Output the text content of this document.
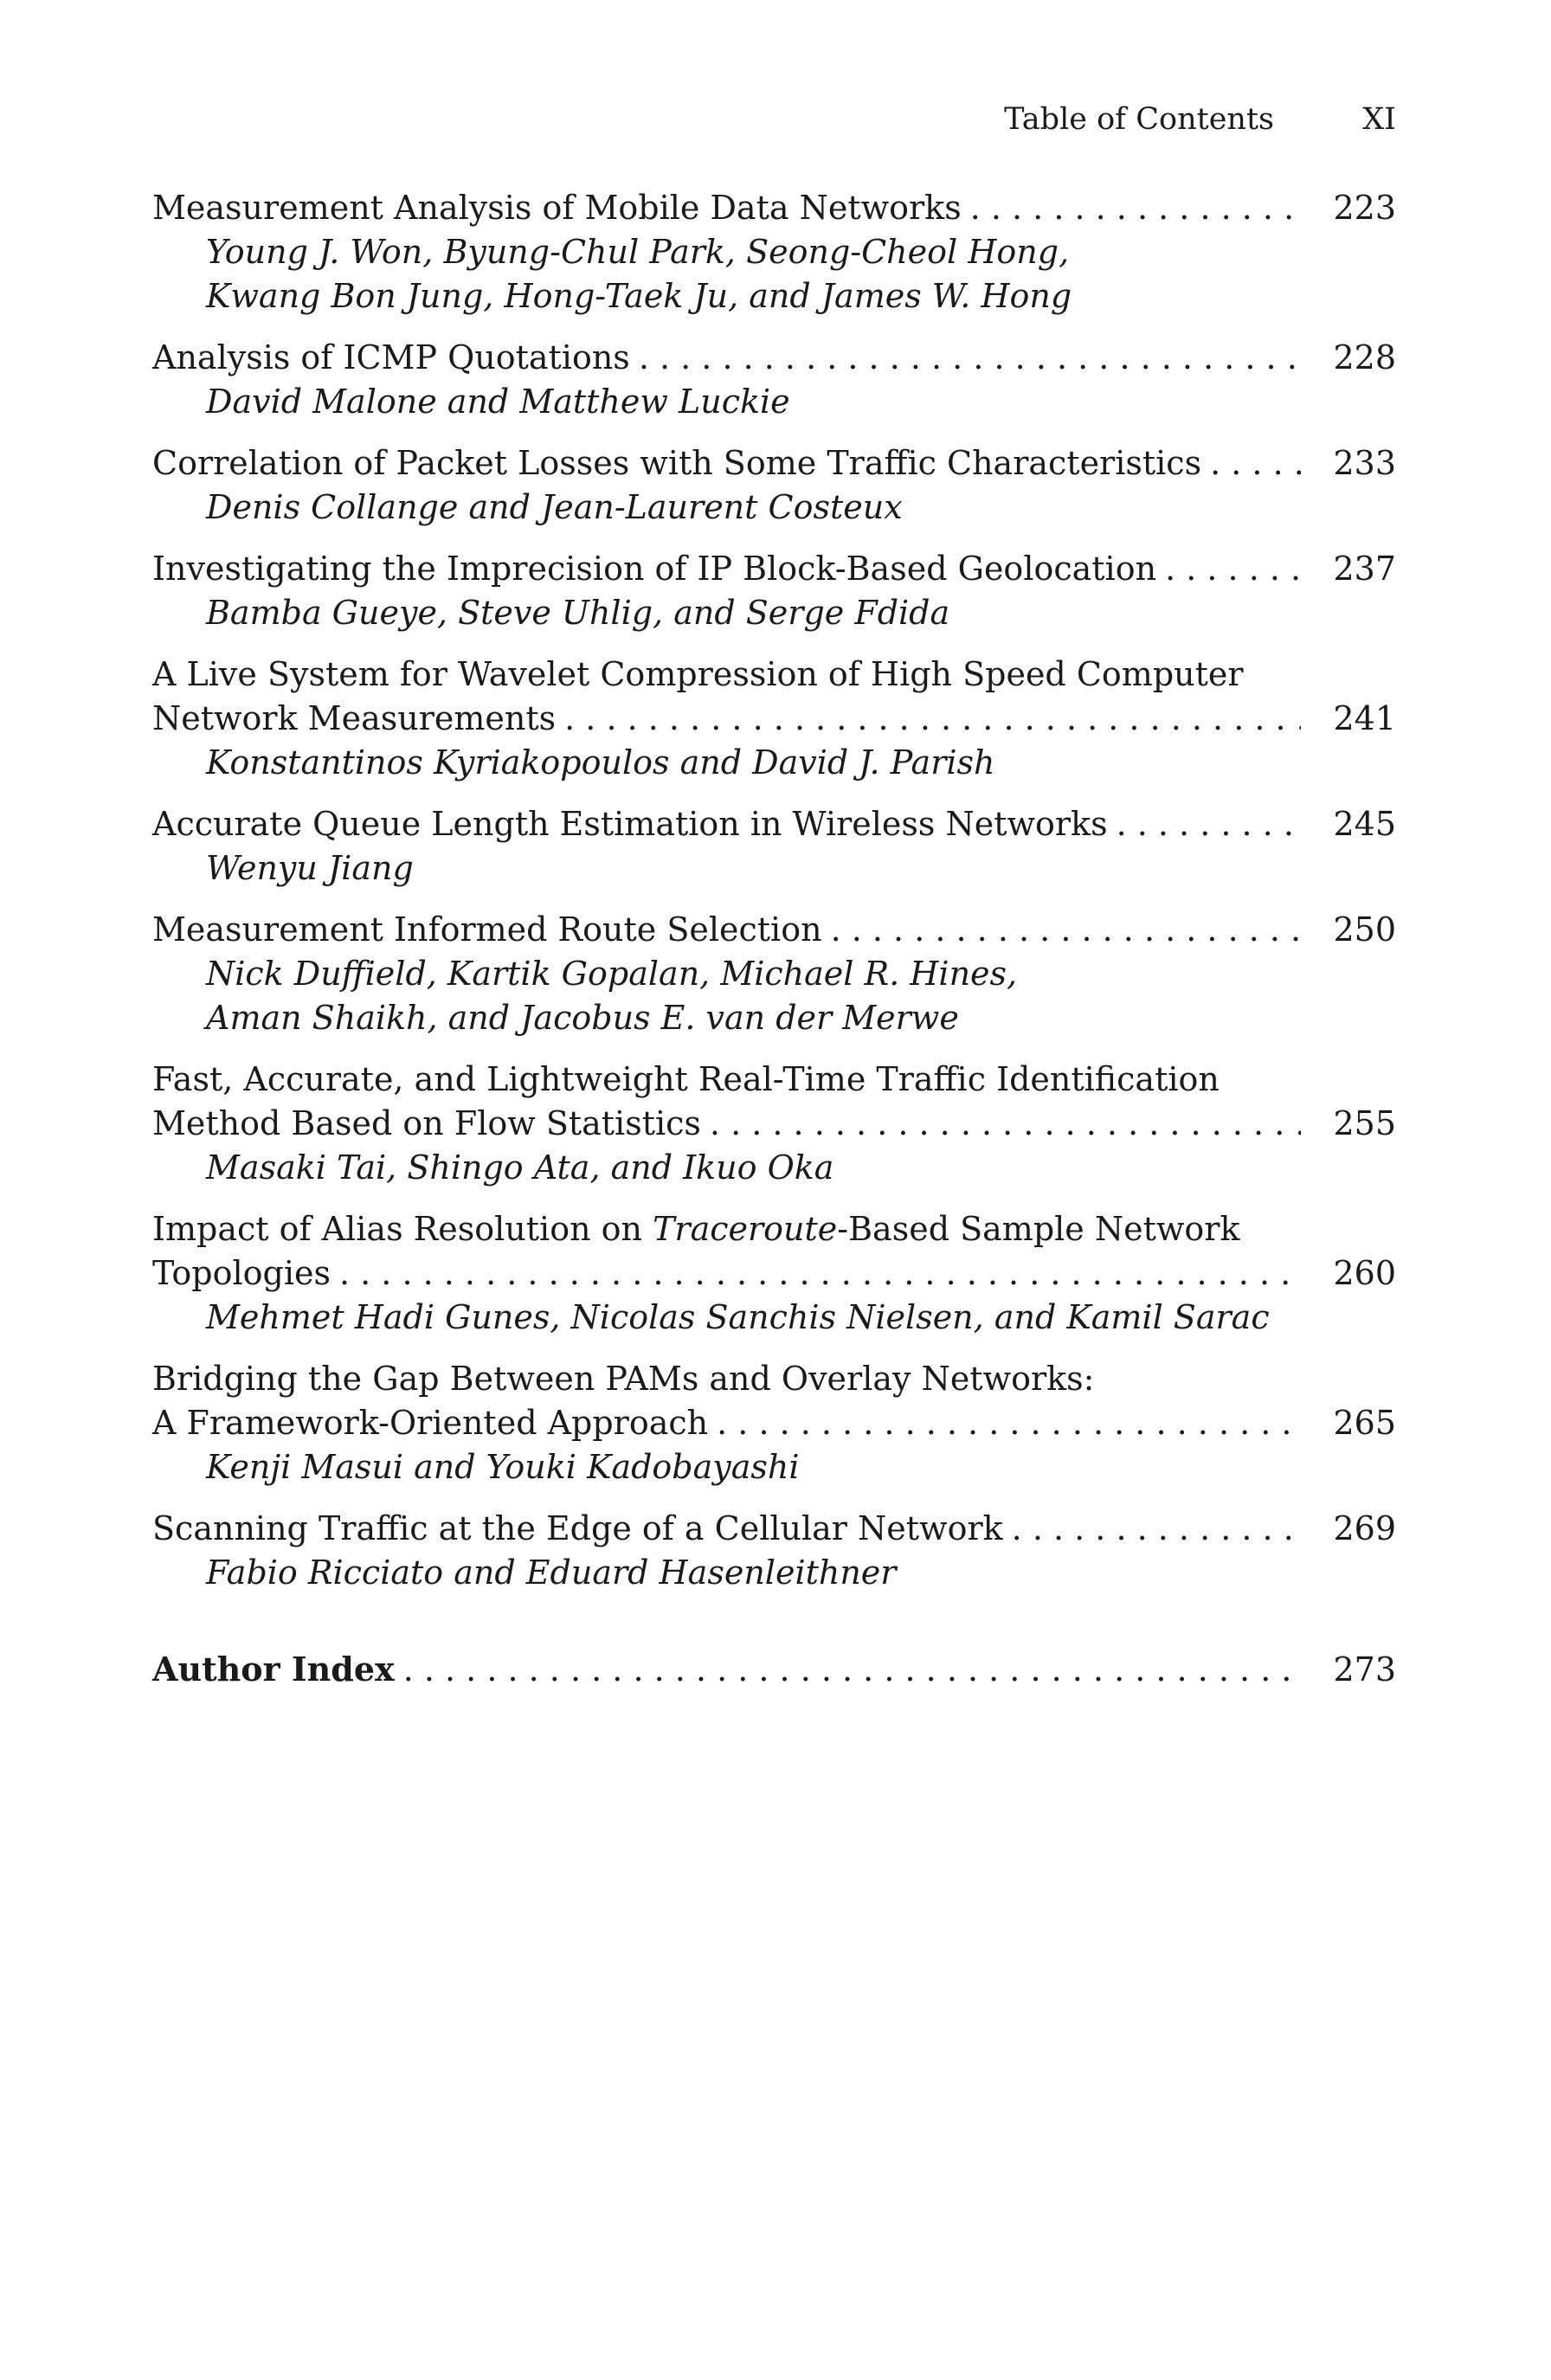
Table of Contents	XI
Measurement Analysis of Mobile Data Networks . . .	223
Young J. Won, Byung-Chul Park, Seong-Cheol Hong,
Kwang Bon Jung, Hong-Taek Ju, and James W. Hong
Analysis of ICMP Quotations . . .	228
David Malone and Matthew Luckie
Correlation of Packet Losses with Some Traffic Characteristics . . .	233
Denis Collange and Jean-Laurent Costeux
Investigating the Imprecision of IP Block-Based Geolocation . . .	237
Bamba Gueye, Steve Uhlig, and Serge Fdida
A Live System for Wavelet Compression of High Speed Computer
Network Measurements . . .	241
Konstantinos Kyriakopoulos and David J. Parish
Accurate Queue Length Estimation in Wireless Networks . . .	245
Wenyu Jiang
Measurement Informed Route Selection . . .	250
Nick Duffield, Kartik Gopalan, Michael R. Hines,
Aman Shaikh, and Jacobus E. van der Merwe
Fast, Accurate, and Lightweight Real-Time Traffic Identification
Method Based on Flow Statistics . . .	255
Masaki Tai, Shingo Ata, and Ikuo Oka
Impact of Alias Resolution on Traceroute-Based Sample Network
Topologies . . .	260
Mehmet Hadi Gunes, Nicolas Sanchis Nielsen, and Kamil Sarac
Bridging the Gap Between PAMs and Overlay Networks:
A Framework-Oriented Approach . . .	265
Kenji Masui and Youki Kadobayashi
Scanning Traffic at the Edge of a Cellular Network . . .	269
Fabio Ricciato and Eduard Hasenleithner
Author Index . . .	273
